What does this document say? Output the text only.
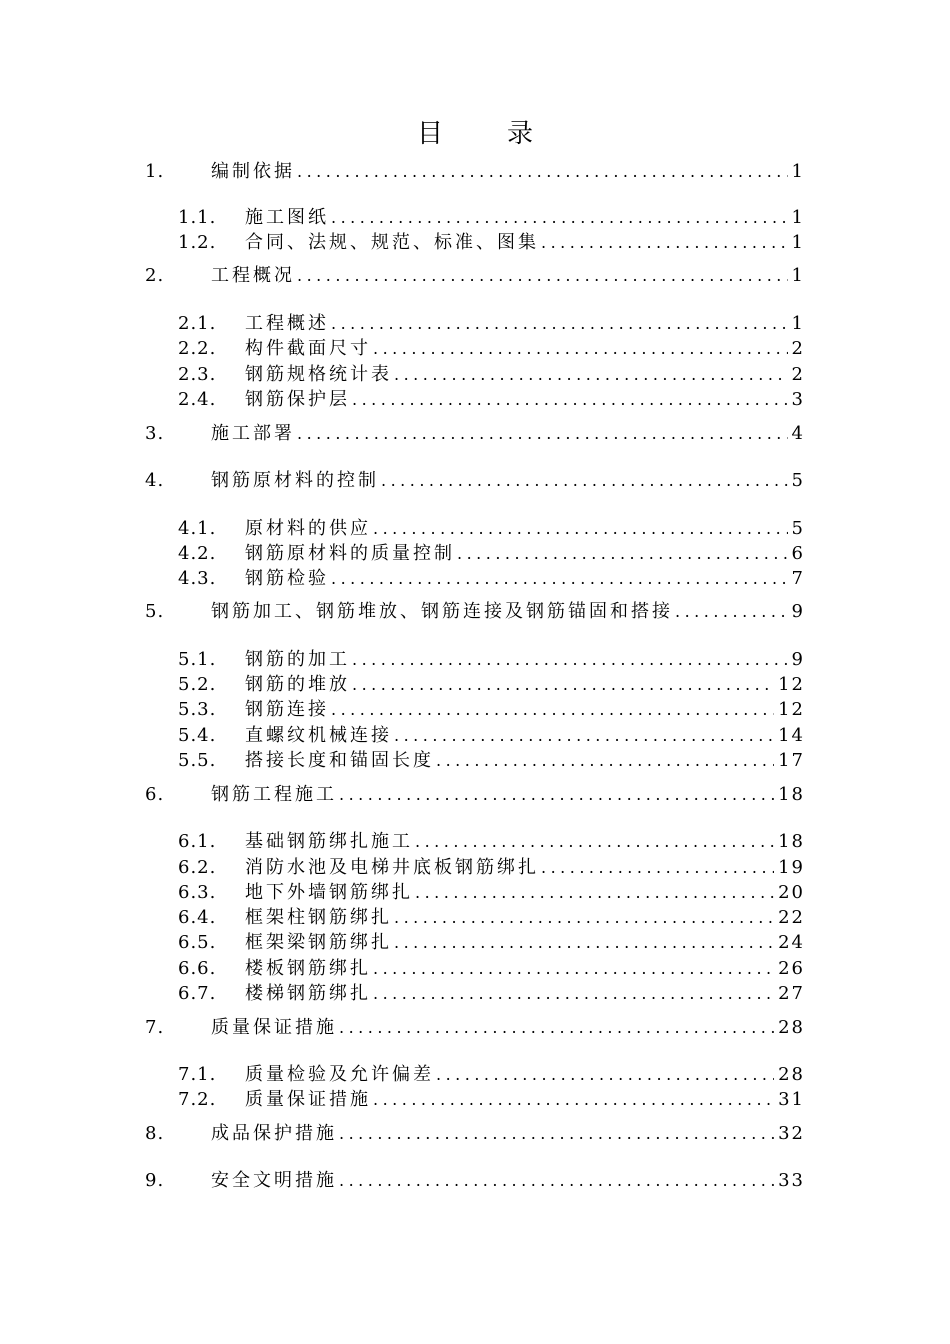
目 录
1.	编制依据 .....	1
1.1. 施工图纸 .....	1
1.2. 合同、法规、规范、标准、图集 .....	1
2.	工程概况 .....	1
2.1. 工程概述 .....	1
2.2. 构件截面尺寸 .....	2
2.3. 钢筋规格统计表 .....	2
2.4. 钢筋保护层 .....	3
3.	施工部署 .....	4
4.	钢筋原材料的控制 .....	5
4.1. 原材料的供应 .....	5
4.2. 钢筋原材料的质量控制 .....	6
4.3. 钢筋检验 .....	7
5.	钢筋加工、钢筋堆放、钢筋连接及钢筋锚固和搭接 .....	9
5.1. 钢筋的加工 .....	9
5.2. 钢筋的堆放 .....	12
5.3. 钢筋连接 .....	12
5.4. 直螺纹机械连接 .....	14
5.5. 搭接长度和锚固长度 .....	17
6.	钢筋工程施工 .....	18
6.1. 基础钢筋绑扎施工 .....	18
6.2. 消防水池及电梯井底板钢筋绑扎 .....	19
6.3. 地下外墙钢筋绑扎 .....	20
6.4. 框架柱钢筋绑扎 .....	22
6.5. 框架梁钢筋绑扎 .....	24
6.6. 楼板钢筋绑扎 .....	26
6.7. 楼梯钢筋绑扎 .....	27
7.	质量保证措施 .....	28
7.1. 质量检验及允许偏差 .....	28
7.2. 质量保证措施 .....	31
8.	成品保护措施 .....	32
9.	安全文明措施 .....	33
